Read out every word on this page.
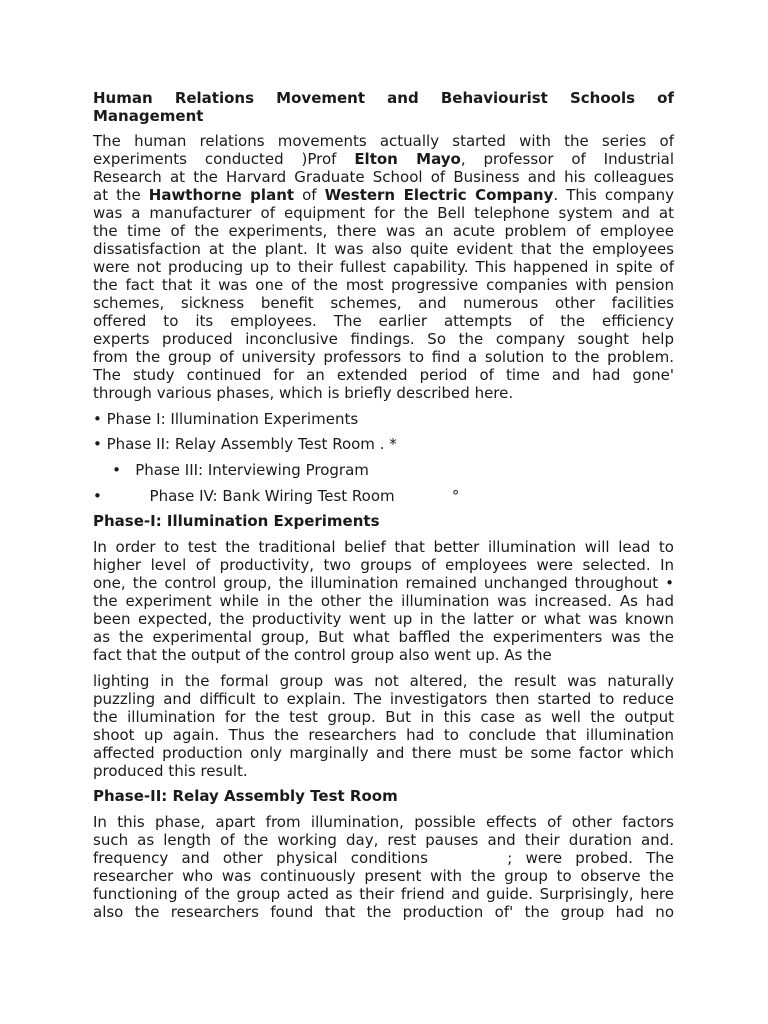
Human Relations Movement and Behaviourist Schools of

Management

The human relations movements actually started with the series of

experiments conducted )Prof Elton Mayo, professor of Industrial

Research at the Harvard Graduate School of Business and his colleagues

at the Hawthorne plant of Western Electric Company. This company

was a manufacturer of equipment for the Bell telephone system and at

the time of the experiments, there was an acute problem of employee

dissatisfaction at the plant. It was also quite evident that the employees

were not producing up to their fullest capability. This happened in spite of

the fact that it was one of the most progressive companies with pension

schemes, sickness benefit schemes, and numerous other facilities

offered to its employees. The earlier attempts of the efficiency

experts produced inconclusive findings. So the company sought help

from the group of university professors to find a solution to the problem.

The study continued for an extended period of time and had gone'

through various phases, which is briefly described here.

• Phase I: Illumination Experiments

• Phase II: Relay Assembly Test Room . *

•   Phase III: Interviewing Program

•          Phase IV: Bank Wiring Test Room            °

Phase-I: Illumination Experiments

In order to test the traditional belief that better illumination will lead to

higher level of productivity, two groups of employees were selected. In

one, the control group, the illumination remained unchanged throughout •

the experiment while in the other the illumination was increased. As had

been expected, the productivity went up in the latter or what was known

as the experimental group, But what baffled the experimenters was the

fact that the output of the control group also went up. As the

lighting in the formal group was not altered, the result was naturally

puzzling and difficult to explain. The investigators then started to reduce

the illumination for the test group. But in this case as well the output

shoot up again. Thus the researchers had to conclude that illumination

affected production only marginally and there must be some factor which

produced this result.

Phase-II: Relay Assembly Test Room

In this phase, apart from illumination, possible effects of other factors

such as length of the working day, rest pauses and their duration and.

frequency and other physical conditions      ; were probed. The

researcher who was continuously present with the group to observe the

functioning of the group acted as their friend and guide. Surprisingly, here

also the researchers found that the production of' the group had no
